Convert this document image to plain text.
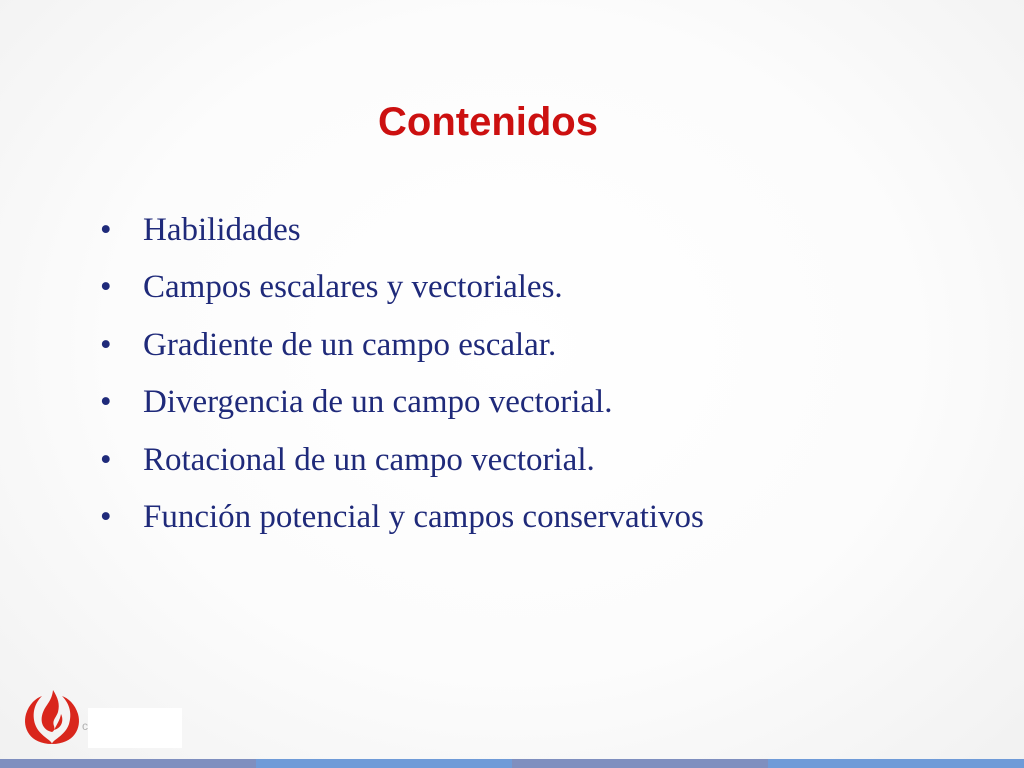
Contenidos
• Habilidades
• Campos escalares y vectoriales.
• Gradiente de un campo escalar.
• Divergencia de un campo vectorial.
• Rotacional de un campo vectorial.
• Función potencial y campos conservativos
c
